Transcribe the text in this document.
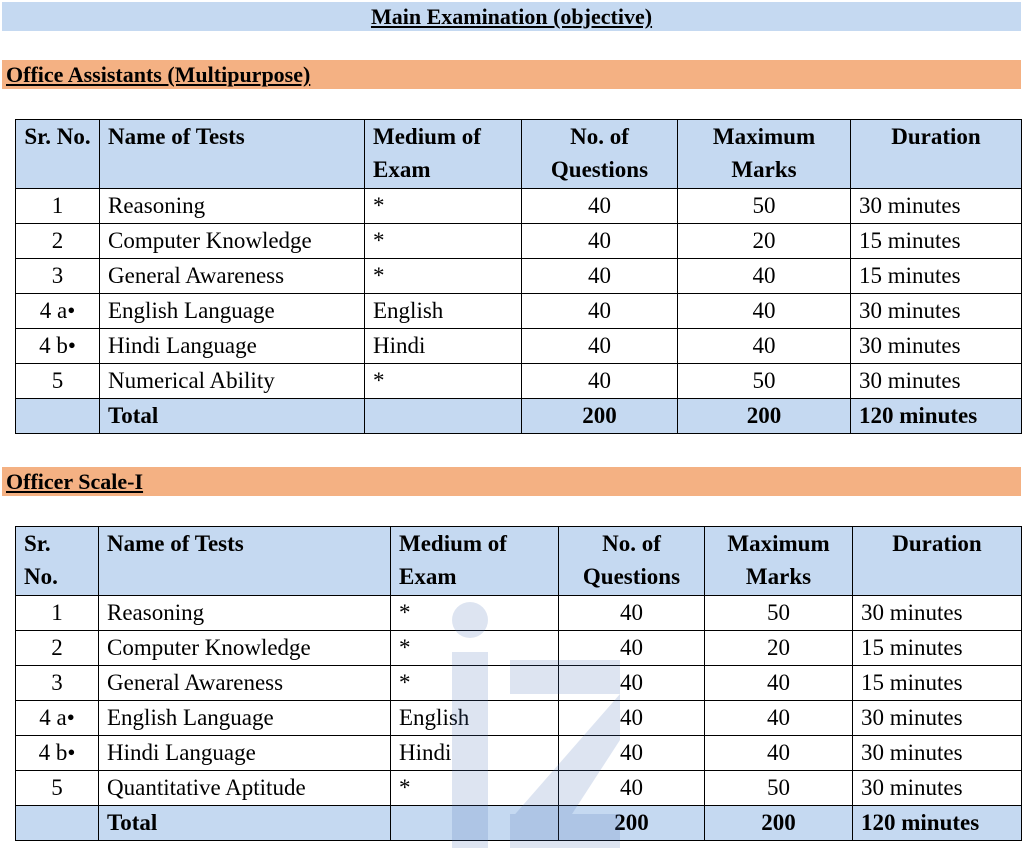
Main Examination (objective)
Office Assistants (Multipurpose)
Sr. No.	Name of Tests	Medium of Exam	No. of Questions	Maximum Marks	Duration
1	Reasoning	*	40	50	30 minutes
2	Computer Knowledge	*	40	20	15 minutes
3	General Awareness	*	40	40	15 minutes
4 a•	English Language	English	40	40	30 minutes
4 b•	Hindi Language	Hindi	40	40	30 minutes
5	Numerical Ability	*	40	50	30 minutes
	Total		200	200	120 minutes
Officer Scale-I
Sr. No.	Name of Tests	Medium of Exam	No. of Questions	Maximum Marks	Duration
1	Reasoning	*	40	50	30 minutes
2	Computer Knowledge	*	40	20	15 minutes
3	General Awareness	*	40	40	15 minutes
4 a•	English Language	English	40	40	30 minutes
4 b•	Hindi Language	Hindi	40	40	30 minutes
5	Quantitative Aptitude	*	40	50	30 minutes
	Total		200	200	120 minutes
